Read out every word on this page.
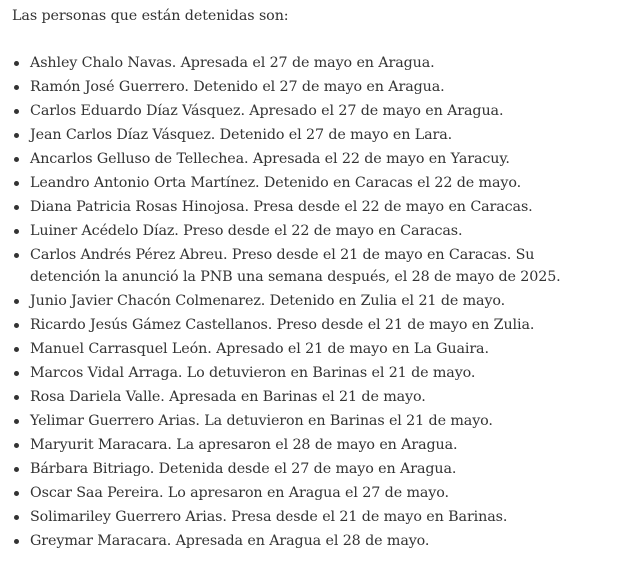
Las personas que están detenidas son:

Ashley Chalo Navas. Apresada el 27 de mayo en Aragua.
Ramón José Guerrero. Detenido el 27 de mayo en Aragua.
Carlos Eduardo Díaz Vásquez. Apresado el 27 de mayo en Aragua.
Jean Carlos Díaz Vásquez. Detenido el 27 de mayo en Lara.
Ancarlos Gelluso de Tellechea. Apresada el 22 de mayo en Yaracuy.
Leandro Antonio Orta Martínez. Detenido en Caracas el 22 de mayo.
Diana Patricia Rosas Hinojosa. Presa desde el 22 de mayo en Caracas.
Luiner Acédelo Díaz. Preso desde el 22 de mayo en Caracas.
Carlos Andrés Pérez Abreu. Preso desde el 21 de mayo en Caracas. Su detención la anunció la PNB una semana después, el 28 de mayo de 2025.
Junio Javier Chacón Colmenarez. Detenido en Zulia el 21 de mayo.
Ricardo Jesús Gámez Castellanos. Preso desde el 21 de mayo en Zulia.
Manuel Carrasquel León. Apresado el 21 de mayo en La Guaira.
Marcos Vidal Arraga. Lo detuvieron en Barinas el 21 de mayo.
Rosa Dariela Valle. Apresada en Barinas el 21 de mayo.
Yelimar Guerrero Arias. La detuvieron en Barinas el 21 de mayo.
Maryurit Maracara. La apresaron el 28 de mayo en Aragua.
Bárbara Bitriago. Detenida desde el 27 de mayo en Aragua.
Oscar Saa Pereira. Lo apresaron en Aragua el 27 de mayo.
Solimariley Guerrero Arias. Presa desde el 21 de mayo en Barinas.
Greymar Maracara. Apresada en Aragua el 28 de mayo.
